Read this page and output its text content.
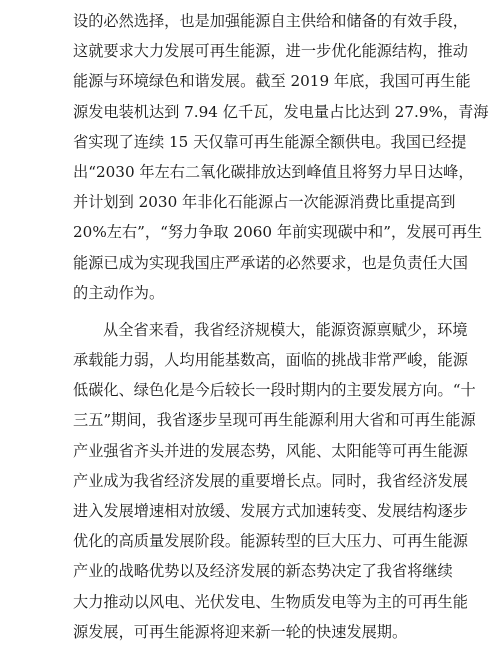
设的必然选择，也是加强能源自主供给和储备的有效手段，
这就要求大力发展可再生能源，进一步优化能源结构，推动
能源与环境绿色和谐发展。截至 2019 年底，我国可再生能
源发电装机达到 7.94 亿千瓦，发电量占比达到 27.9%，青海
省实现了连续 15 天仅靠可再生能源全额供电。我国已经提
出“2030 年左右二氧化碳排放达到峰值且将努力早日达峰，
并计划到 2030 年非化石能源占一次能源消费比重提高到
20%左右”，“努力争取 2060 年前实现碳中和”，发展可再生
能源已成为实现我国庄严承诺的必然要求，也是负责任大国
的主动作为。
从全省来看，我省经济规模大，能源资源禀赋少，环境
承载能力弱，人均用能基数高，面临的挑战非常严峻，能源
低碳化、绿色化是今后较长一段时期内的主要发展方向。“十
三五”期间，我省逐步呈现可再生能源利用大省和可再生能源
产业强省齐头并进的发展态势，风能、太阳能等可再生能源
产业成为我省经济发展的重要增长点。同时，我省经济发展
进入发展增速相对放缓、发展方式加速转变、发展结构逐步
优化的高质量发展阶段。能源转型的巨大压力、可再生能源
产业的战略优势以及经济发展的新态势决定了我省将继续
大力推动以风电、光伏发电、生物质发电等为主的可再生能
源发展，可再生能源将迎来新一轮的快速发展期。
